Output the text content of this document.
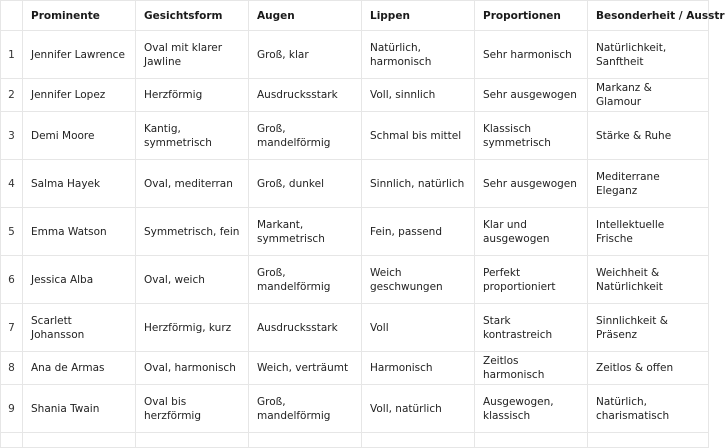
	Prominente	Gesichtsform	Augen	Lippen	Proportionen	Besonderheit / Ausstr
1	Jennifer Lawrence	Oval mit klarer Jawline	Groß, klar	Natürlich, harmonisch	Sehr harmonisch	Natürlichkeit, Sanftheit
2	Jennifer Lopez	Herzförmig	Ausdrucksstark	Voll, sinnlich	Sehr ausgewogen	Markanz & Glamour
3	Demi Moore	Kantig, symmetrisch	Groß, mandelförmig	Schmal bis mittel	Klassisch symmetrisch	Stärke & Ruhe
4	Salma Hayek	Oval, mediterran	Groß, dunkel	Sinnlich, natürlich	Sehr ausgewogen	Mediterrane Eleganz
5	Emma Watson	Symmetrisch, fein	Markant, symmetrisch	Fein, passend	Klar und ausgewogen	Intellektuelle Frische
6	Jessica Alba	Oval, weich	Groß, mandelförmig	Weich geschwungen	Perfekt proportioniert	Weichheit & Natürlichkeit
7	Scarlett Johansson	Herzförmig, kurz	Ausdrucksstark	Voll	Stark kontrastreich	Sinnlichkeit & Präsenz
8	Ana de Armas	Oval, harmonisch	Weich, verträumt	Harmonisch	Zeitlos harmonisch	Zeitlos & offen
9	Shania Twain	Oval bis herzförmig	Groß, mandelförmig	Voll, natürlich	Ausgewogen, klassisch	Natürlich, charismatisch
